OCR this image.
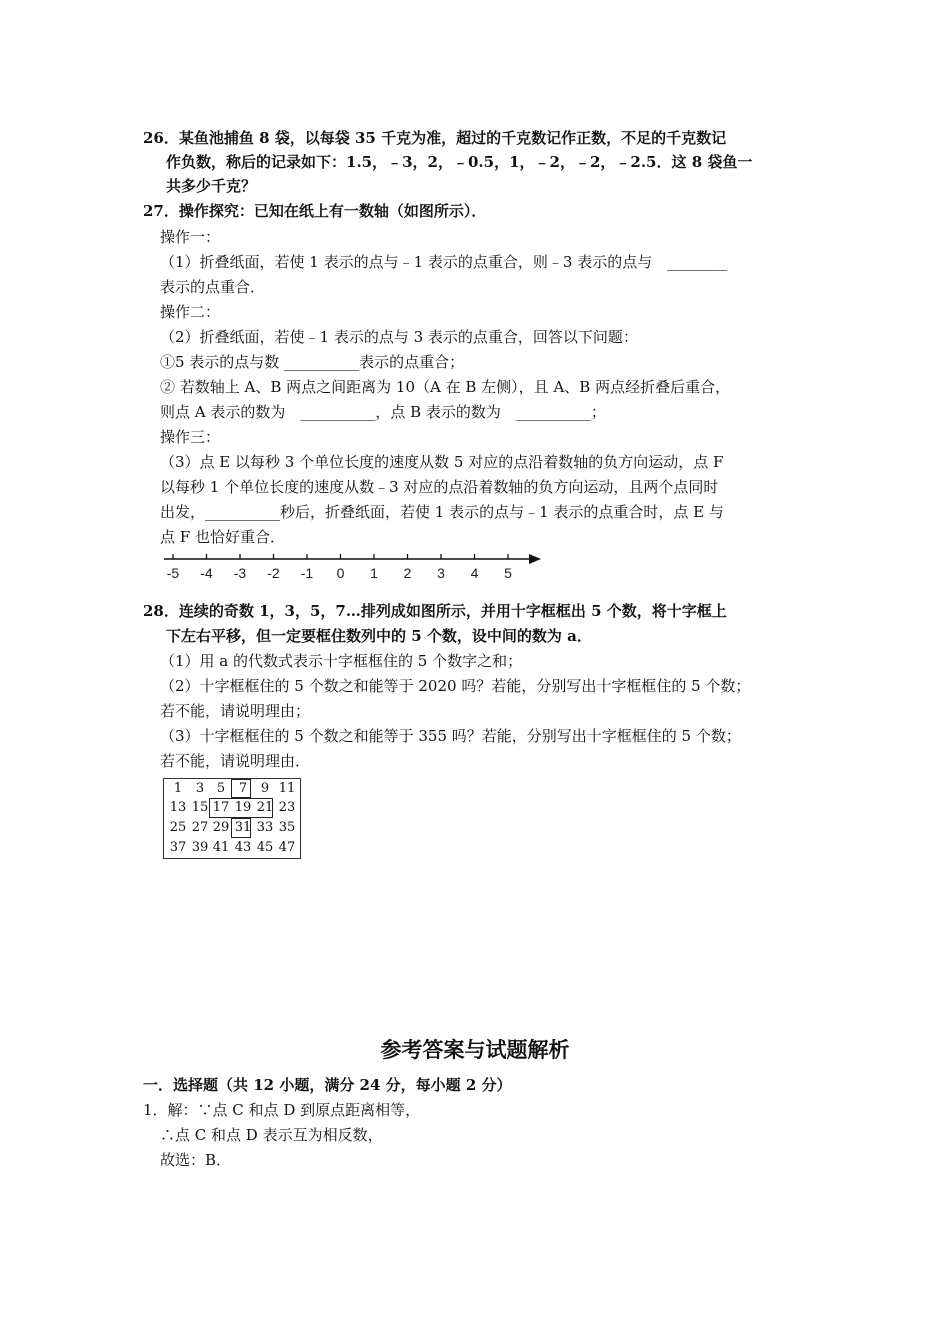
26．某鱼池捕鱼 8 袋，以每袋 35 千克为准，超过的千克数记作正数，不足的千克数记
作负数，称后的记录如下：1.5，﹣3，2，﹣0.5，1，﹣2，﹣2，﹣2.5．这 8 袋鱼一
共多少千克？
27．操作探究：已知在纸上有一数轴（如图所示）．
操作一：
（1）折叠纸面，若使 1 表示的点与﹣1 表示的点重合，则﹣3 表示的点与　________
表示的点重合．
操作二：
（2）折叠纸面，若使﹣1 表示的点与 3 表示的点重合，回答以下问题：
①5 表示的点与数 __________表示的点重合；
② 若数轴上 A、B 两点之间距离为 10（A 在 B 左侧），且 A、B 两点经折叠后重合，
则点 A 表示的数为　__________，点 B 表示的数为　__________；
操作三：
（3）点 E 以每秒 3 个单位长度的速度从数 5 对应的点沿着数轴的负方向运动，点 F
以每秒 1 个单位长度的速度从数﹣3 对应的点沿着数轴的负方向运动，且两个点同时
出发，__________秒后，折叠纸面，若使 1 表示的点与﹣1 表示的点重合时，点 E 与
点 F 也恰好重合．
-5 -4 -3 -2 -1 0 1 2 3 4 5
28．连续的奇数 1，3，5，7…排列成如图所示，并用十字框框出 5 个数，将十字框上
下左右平移，但一定要框住数列中的 5 个数，设中间的数为 a．
（1）用 a 的代数式表示十字框框住的 5 个数字之和；
（2）十字框框住的 5 个数之和能等于 2020 吗？若能，分别写出十字框框住的 5 个数；
若不能，请说明理由；
（3）十字框框住的 5 个数之和能等于 355 吗？若能，分别写出十字框框住的 5 个数；
若不能，请说明理由．
1	3 5	7	9 11
13 15 17 19 21 23
25 27 29 31 33 35
37 39 41 43 45 47
参考答案与试题解析
一．选择题（共 12 小题，满分 24 分，每小题 2 分）
1．解：∵点 C 和点 D 到原点距离相等，
∴点 C 和点 D 表示互为相反数，
故选：B．
